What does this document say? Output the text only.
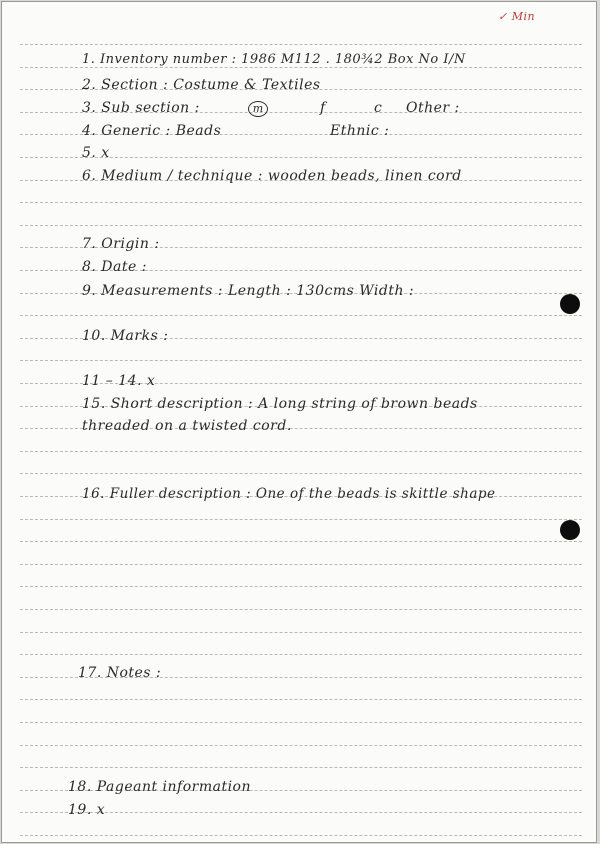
✓ Min
1. Inventory number : 1986 M112 . 180¾2 Box No I/N
2. Section : Costume & Textiles
3. Sub section :	m	f	c Other :
4. Generic : Beads	Ethnic :
5. x
6. Medium / technique : wooden beads, linen cord
7. Origin :
8. Date :
9. Measurements : Length : 130cms Width :
10. Marks :
11 – 14. x
15. Short description : A long string of brown beads
threaded on a twisted cord.
16. Fuller description : One of the beads is skittle shape
17. Notes :
18. Pageant information
19. x
